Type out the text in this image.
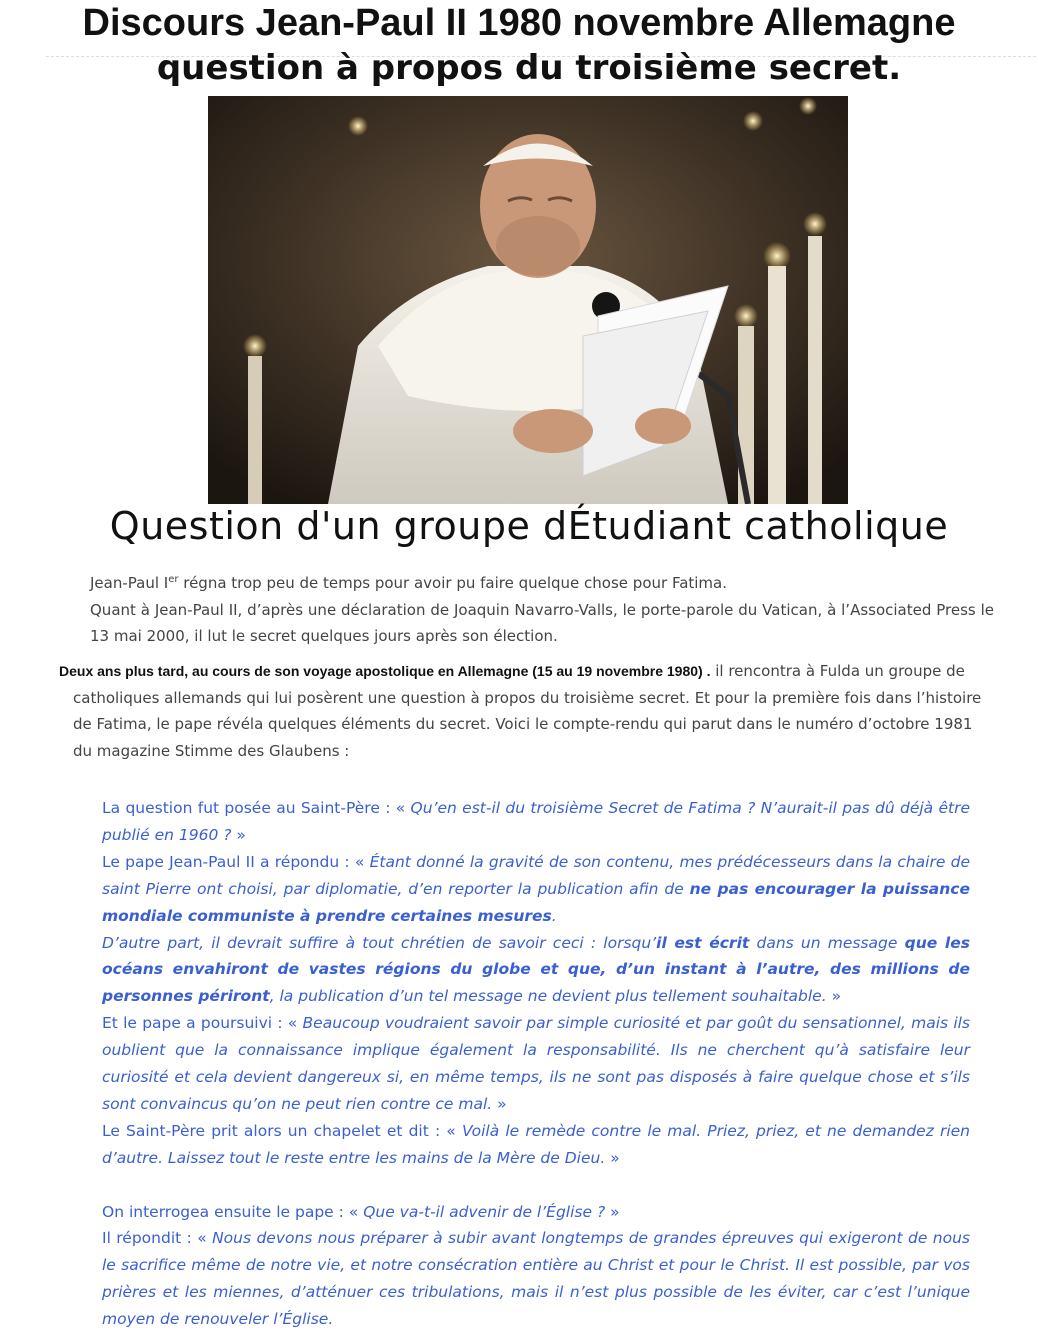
Discours Jean-Paul II 1980 novembre Allemagne
question à propos du troisième secret.
Question d'un groupe dÉtudiant catholique

Jean-Paul Ier régna trop peu de temps pour avoir pu faire quelque chose pour Fatima.

Quant à Jean-Paul II, d’après une déclaration de Joaquin Navarro-Valls, le porte-parole du Vatican, à l’Associated Press le 13 mai 2000, il lut le secret quelques jours après son élection.

Deux ans plus tard, au cours de son voyage apostolique en Allemagne (15 au 19 novembre 1980) . il rencontra à Fulda un groupe de catholiques allemands qui lui posèrent une question à propos du troisième secret. Et pour la première fois dans l’histoire de Fatima, le pape révéla quelques éléments du secret. Voici le compte-rendu qui parut dans le numéro d’octobre 1981 du magazine Stimme des Glaubens :

La question fut posée au Saint-Père : « Qu’en est-il du troisième Secret de Fatima ? N’aurait-il pas dû déjà être publié en 1960 ? »

Le pape Jean-Paul II a répondu : « Étant donné la gravité de son contenu, mes prédécesseurs dans la chaire de saint Pierre ont choisi, par diplomatie, d’en reporter la publication afin de ne pas encourager la puissance mondiale communiste à prendre certaines mesures.

D’autre part, il devrait suffire à tout chrétien de savoir ceci : lorsqu’il est écrit dans un message que les océans envahiront de vastes régions du globe et que, d’un instant à l’autre, des millions de personnes périront, la publication d’un tel message ne devient plus tellement souhaitable. »

Et le pape a poursuivi : « Beaucoup voudraient savoir par simple curiosité et par goût du sensationnel, mais ils oublient que la connaissance implique également la responsabilité. Ils ne cherchent qu’à satisfaire leur curiosité et cela devient dangereux si, en même temps, ils ne sont pas disposés à faire quelque chose et s’ils sont convaincus qu’on ne peut rien contre ce mal. »

Le Saint-Père prit alors un chapelet et dit : « Voilà le remède contre le mal. Priez, priez, et ne demandez rien d’autre. Laissez tout le reste entre les mains de la Mère de Dieu. »

On interrogea ensuite le pape : « Que va-t-il advenir de l’Église ? »

Il répondit : « Nous devons nous préparer à subir avant longtemps de grandes épreuves qui exigeront de nous le sacrifice même de notre vie, et notre consécration entière au Christ et pour le Christ. Il est possible, par vos prières et les miennes, d’atténuer ces tribulations, mais il n’est plus possible de les éviter, car c’est l’unique moyen de renouveler l’Église.
